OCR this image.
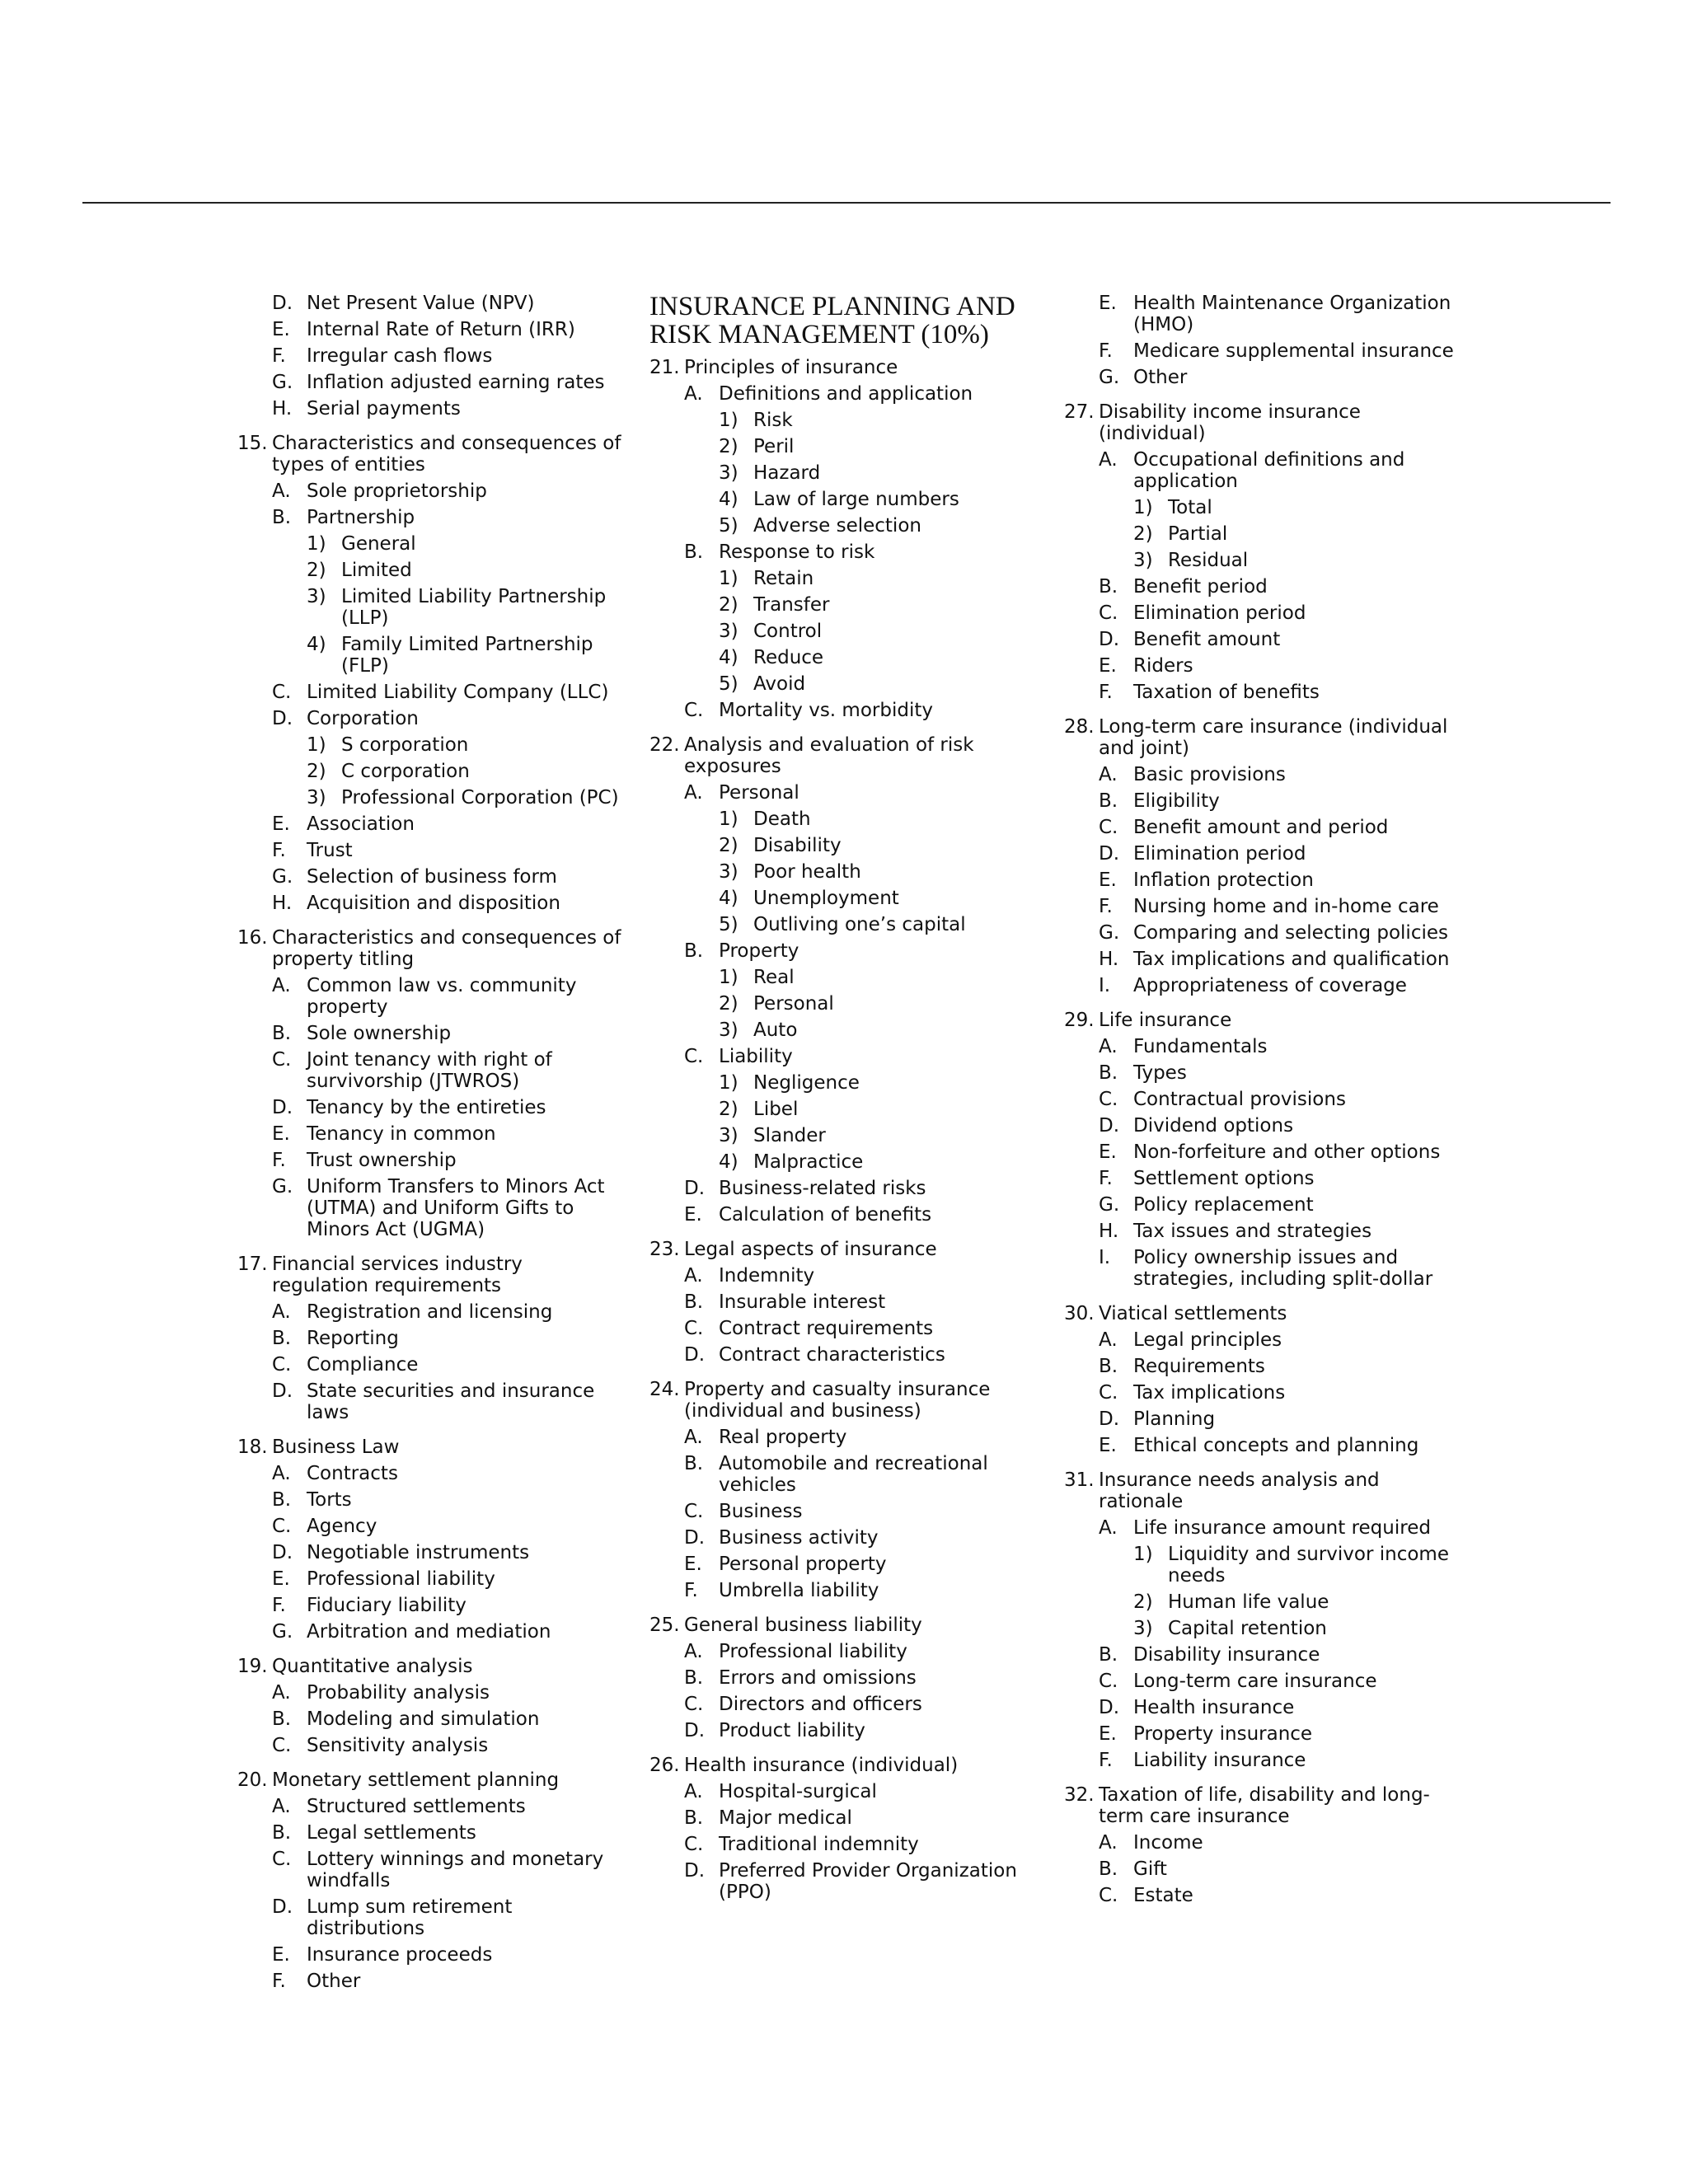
D. Net Present Value (NPV)
E. Internal Rate of Return (IRR)
F.	Irregular cash flows
G. Inflation adjusted earning rates
H. Serial payments
15. Characteristics and consequences of types of entities
A. Sole proprietorship
B. Partnership
1) General
2) Limited
3) Limited Liability Partnership (LLP)
4) Family Limited Partnership (FLP)
C. Limited Liability Company (LLC)
D. Corporation
1) S corporation
2) C corporation
3) Professional Corporation (PC)
E. Association
F.	Trust
G. Selection of business form
H. Acquisition and disposition
16. Characteristics and consequences of property titling
A. Common law vs. community property
B. Sole ownership
C. Joint tenancy with right of survivorship (JTWROS)
D. Tenancy by the entireties
E. Tenancy in common
F.	Trust ownership
G. Uniform Transfers to Minors Act (UTMA) and Uniform Gifts to Minors Act (UGMA)
17. Financial services industry regulation requirements
A. Registration and licensing
B. Reporting
C. Compliance
D. State securities and insurance laws
18. Business Law
A. Contracts
B. Torts
C. Agency
D. Negotiable instruments
E. Professional liability
F.	Fiduciary liability
G. Arbitration and mediation
19. Quantitative analysis
A. Probability analysis
B. Modeling and simulation
C. Sensitivity analysis
20. Monetary settlement planning
A. Structured settlements
B. Legal settlements
C. Lottery winnings and monetary windfalls
D. Lump sum retirement distributions
E. Insurance proceeds
F.	Other
INSURANCE PLANNING AND RISK MANAGEMENT (10%)
21. Principles of insurance
A. Definitions and application
1) Risk
2) Peril
3) Hazard
4) Law of large numbers
5) Adverse selection
B. Response to risk
1) Retain
2) Transfer
3) Control
4) Reduce
5) Avoid
C. Mortality vs. morbidity
22. Analysis and evaluation of risk exposures
A. Personal
1) Death
2) Disability
3) Poor health
4) Unemployment
5) Outliving one’s capital
B. Property
1) Real
2) Personal
3) Auto
C. Liability
1) Negligence
2) Libel
3) Slander
4) Malpractice
D. Business-related risks
E. Calculation of benefits
23. Legal aspects of insurance
A. Indemnity
B. Insurable interest
C. Contract requirements
D. Contract characteristics
24. Property and casualty insurance (individual and business)
A. Real property
B. Automobile and recreational vehicles
C. Business
D. Business activity
E. Personal property
F.	Umbrella liability
25. General business liability
A. Professional liability
B. Errors and omissions
C. Directors and officers
D. Product liability
26. Health insurance (individual)
A. Hospital-surgical
B. Major medical
C. Traditional indemnity
D. Preferred Provider Organization (PPO)
E. Health Maintenance Organization (HMO)
F.	Medicare supplemental insurance
G. Other
27. Disability income insurance (individual)
A. Occupational definitions and application
1) Total
2) Partial
3) Residual
B. Benefit period
C. Elimination period
D. Benefit amount
E. Riders
F.	Taxation of benefits
28. Long-term care insurance (individual and joint)
A. Basic provisions
B. Eligibility
C. Benefit amount and period
D. Elimination period
E. Inflation protection
F.	Nursing home and in-home care
G. Comparing and selecting policies
H. Tax implications and qualification
I.	Appropriateness of coverage
29. Life insurance
A. Fundamentals
B. Types
C. Contractual provisions
D. Dividend options
E. Non-forfeiture and other options
F.	Settlement options
G. Policy replacement
H. Tax issues and strategies
I.	Policy ownership issues and strategies, including split-dollar
30. Viatical settlements
A. Legal principles
B. Requirements
C. Tax implications
D. Planning
E. Ethical concepts and planning
31. Insurance needs analysis and rationale
A. Life insurance amount required
1) Liquidity and survivor income needs
2) Human life value
3) Capital retention
B. Disability insurance
C. Long-term care insurance
D. Health insurance
E. Property insurance
F.	Liability insurance
32. Taxation of life, disability and long-term care insurance
A. Income
B. Gift
C. Estate
